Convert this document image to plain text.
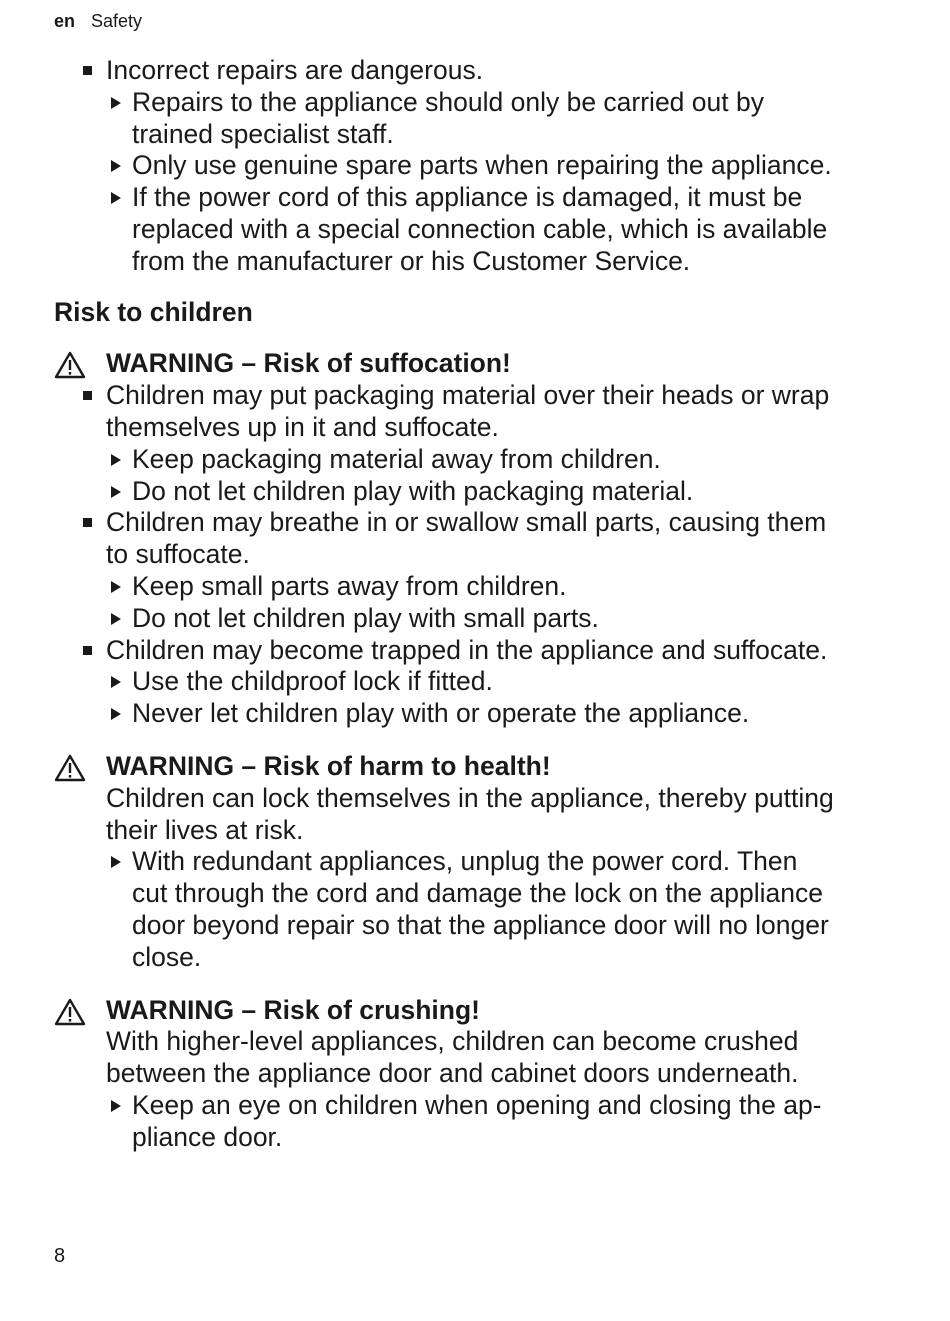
en Safety
Incorrect repairs are dangerous.
Repairs to the appliance should only be carried out by
trained specialist staff.
Only use genuine spare parts when repairing the appliance.
If the power cord of this appliance is damaged, it must be
replaced with a special connection cable, which is available
from the manufacturer or his Customer Service.
Risk to children
WARNING – Risk of suffocation!
Children may put packaging material over their heads or wrap
themselves up in it and suffocate.
Keep packaging material away from children.
Do not let children play with packaging material.
Children may breathe in or swallow small parts, causing them
to suffocate.
Keep small parts away from children.
Do not let children play with small parts.
Children may become trapped in the appliance and suffocate.
Use the childproof lock if fitted.
Never let children play with or operate the appliance.
WARNING – Risk of harm to health!
Children can lock themselves in the appliance, thereby putting
their lives at risk.
With redundant appliances, unplug the power cord. Then
cut through the cord and damage the lock on the appliance
door beyond repair so that the appliance door will no longer
close.
WARNING – Risk of crushing!
With higher-level appliances, children can become crushed
between the appliance door and cabinet doors underneath.
Keep an eye on children when opening and closing the ap-
pliance door.
8
